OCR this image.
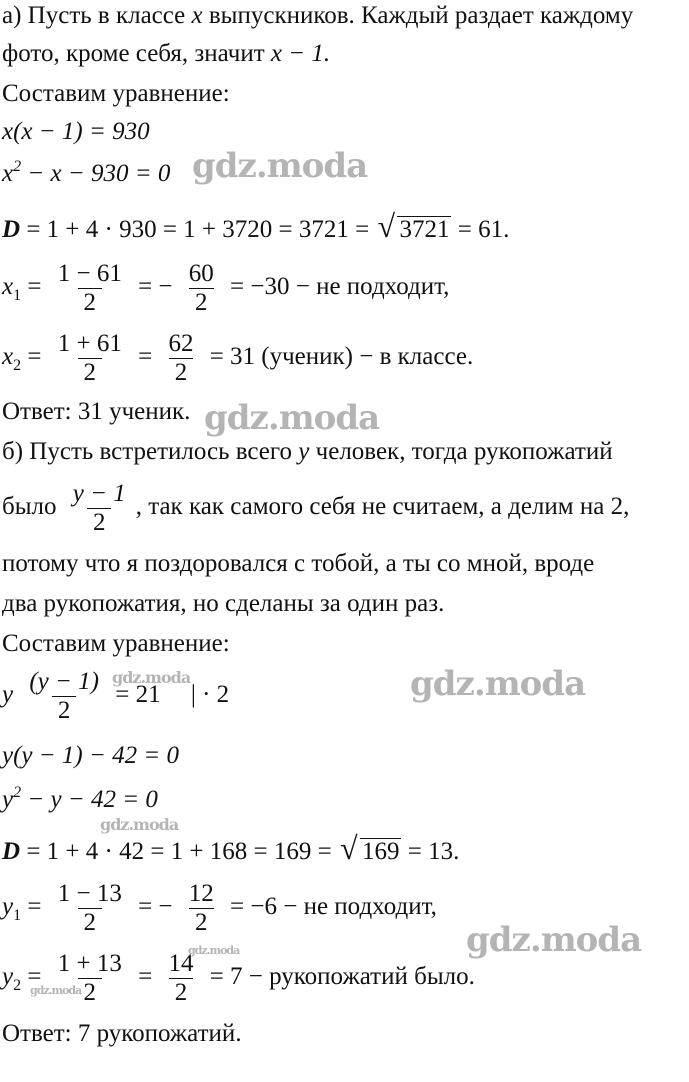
а) Пусть в классе x выпускников. Каждый раздает каждому
фото, кроме себя, значит x − 1.
Составим уравнение:
x(x − 1) = 930
$x^2 - x - 930 = 0$
D = 1 + 4 · 930 = 1 + 3720 = 3721 = √ 3721 = 61.
$x_1 = \frac{1 - 61}{2}$ = − $\frac{60}{2} = -30$ − не подходит,
$x_2 = \frac{1 + 61}{2} = \frac{62}{2} = 31$ (ученик) − в классе.
Ответ: 31 ученик.
б) Пусть встретилось всего y человек, тогда рукопожатий
было $\frac{y - 1}{2}$ , так как самого себя не считаем, а делим на 2,
потому что я поздоровался с тобой, а ты со мной, вроде
два рукопожатия, но сделаны за один раз.
Составим уравнение:
y $\frac{(y - 1)}{2} = 21$ | · 2
y(y − 1) − 42 = 0
$y^2 - y - 42 = 0$
D = 1 + 4 · 42 = 1 + 168 = 169 = √ 169 = 13.
$y_1 = \frac{1 - 13}{2}$ = − $\frac{12}{2} = -6$ − не подходит,
$y_2 = \frac{1 + 13}{2} = \frac{14}{2} = 7$ − рукопожатий было.
Ответ: 7 рукопожатий.
gdz.moda
gdz.moda
gdz.moda
gdz.moda
gdz.moda
gdz.moda
gdz.moda
gdz.moda
